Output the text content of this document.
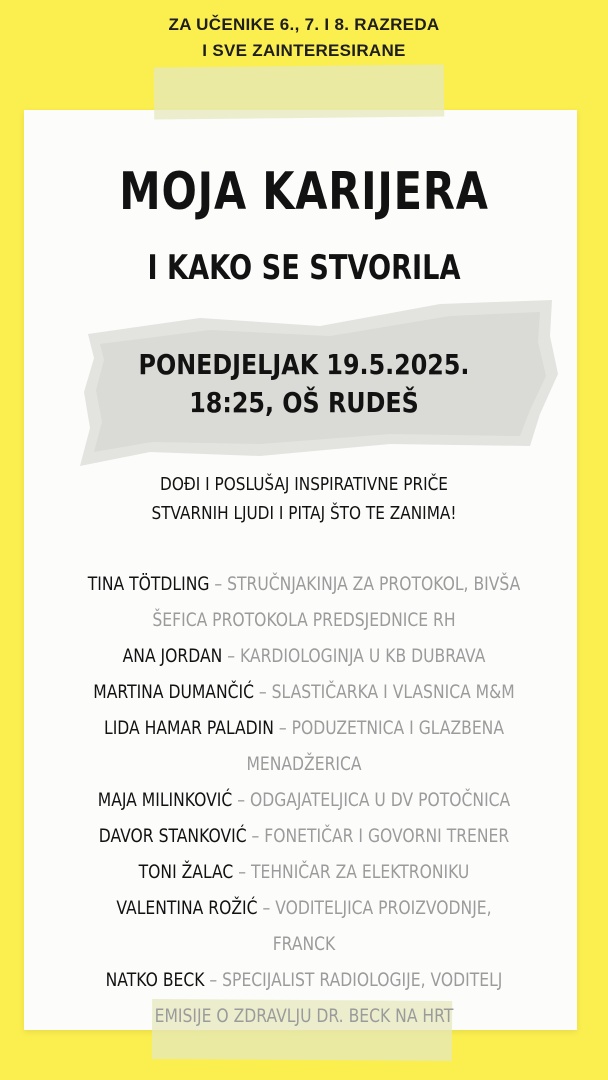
ZA UČENIKE 6., 7. I 8. RAZREDA
I SVE ZAINTERESIRANE
MOJA KARIJERA
I KAKO SE STVORILA
PONEDJELJAK 19.5.2025.
18:25, OŠ RUDEŠ
DOĐI I POSLUŠAJ INSPIRATIVNE PRIČE
STVARNIH LJUDI I PITAJ ŠTO TE ZANIMA!
TINA TÖTDLING – STRUČNJAKINJA ZA PROTOKOL, BIVŠA
ŠEFICA PROTOKOLA PREDSJEDNICE RH
ANA JORDAN – KARDIOLOGINJA U KB DUBRAVA
MARTINA DUMANČIĆ – SLASTIČARKA I VLASNICA M&M
LIDA HAMAR PALADIN – PODUZETNICA I GLAZBENA
MENADŽERICA
MAJA MILINKOVIĆ – ODGAJATELJICA U DV POTOČNICA
DAVOR STANKOVIĆ – FONETIČAR I GOVORNI TRENER
TONI ŽALAC – TEHNIČAR ZA ELEKTRONIKU
VALENTINA ROŽIĆ – VODITELJICA PROIZVODNJE, FRANCK
NATKO BECK – SPECIJALIST RADIOLOGIJE, VODITELJ
EMISIJE O ZDRAVLJU DR. BECK NA HRT
